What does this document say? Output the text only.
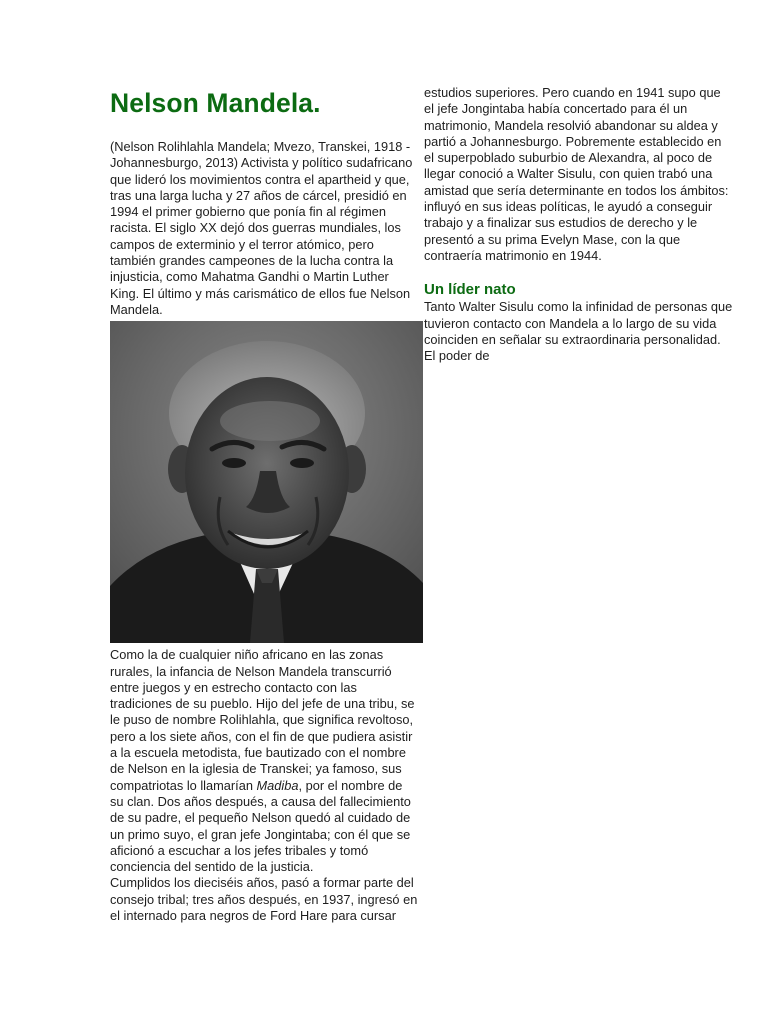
Nelson Mandela.

(Nelson Rolihlahla Mandela; Mvezo, Transkei, 1918 -
Johannesburgo, 2013) Activista y político sudafricano
que lideró los movimientos contra el apartheid y que,
tras una larga lucha y 27 años de cárcel, presidió en
1994 el primer gobierno que ponía fin al régimen
racista. El siglo XX dejó dos guerras mundiales, los
campos de exterminio y el terror atómico, pero
también grandes campeones de la lucha contra la
injusticia, como Mahatma Gandhi o Martin Luther
King. El último y más carismático de ellos fue Nelson
Mandela.

Como la de cualquier niño africano en las zonas
rurales, la infancia de Nelson Mandela transcurrió
entre juegos y en estrecho contacto con las
tradiciones de su pueblo. Hijo del jefe de una tribu, se
le puso de nombre Rolihlahla, que significa revoltoso,
pero a los siete años, con el fin de que pudiera asistir
a la escuela metodista, fue bautizado con el nombre
de Nelson en la iglesia de Transkei; ya famoso, sus
compatriotas lo llamarían Madiba, por el nombre de
su clan. Dos años después, a causa del fallecimiento
de su padre, el pequeño Nelson quedó al cuidado de
un primo suyo, el gran jefe Jongintaba; con él que se
aficionó a escuchar a los jefes tribales y tomó
conciencia del sentido de la justicia.

Cumplidos los dieciséis años, pasó a formar parte del
consejo tribal; tres años después, en 1937, ingresó en
el internado para negros de Ford Hare para cursar

estudios superiores. Pero cuando en 1941 supo que
el jefe Jongintaba había concertado para él un
matrimonio, Mandela resolvió abandonar su aldea y
partió a Johannesburgo. Pobremente establecido en
el superpoblado suburbio de Alexandra, al poco de
llegar conoció a Walter Sisulu, con quien trabó una
amistad que sería determinante en todos los ámbitos:
influyó en sus ideas políticas, le ayudó a conseguir
trabajo y a finalizar sus estudios de derecho y le
presentó a su prima Evelyn Mase, con la que
contraería matrimonio en 1944.

Un líder nato

Tanto Walter Sisulu como la infinidad de personas que
tuvieron contacto con Mandela a lo largo de su vida
coinciden en señalar su extraordinaria personalidad.
El poder de
